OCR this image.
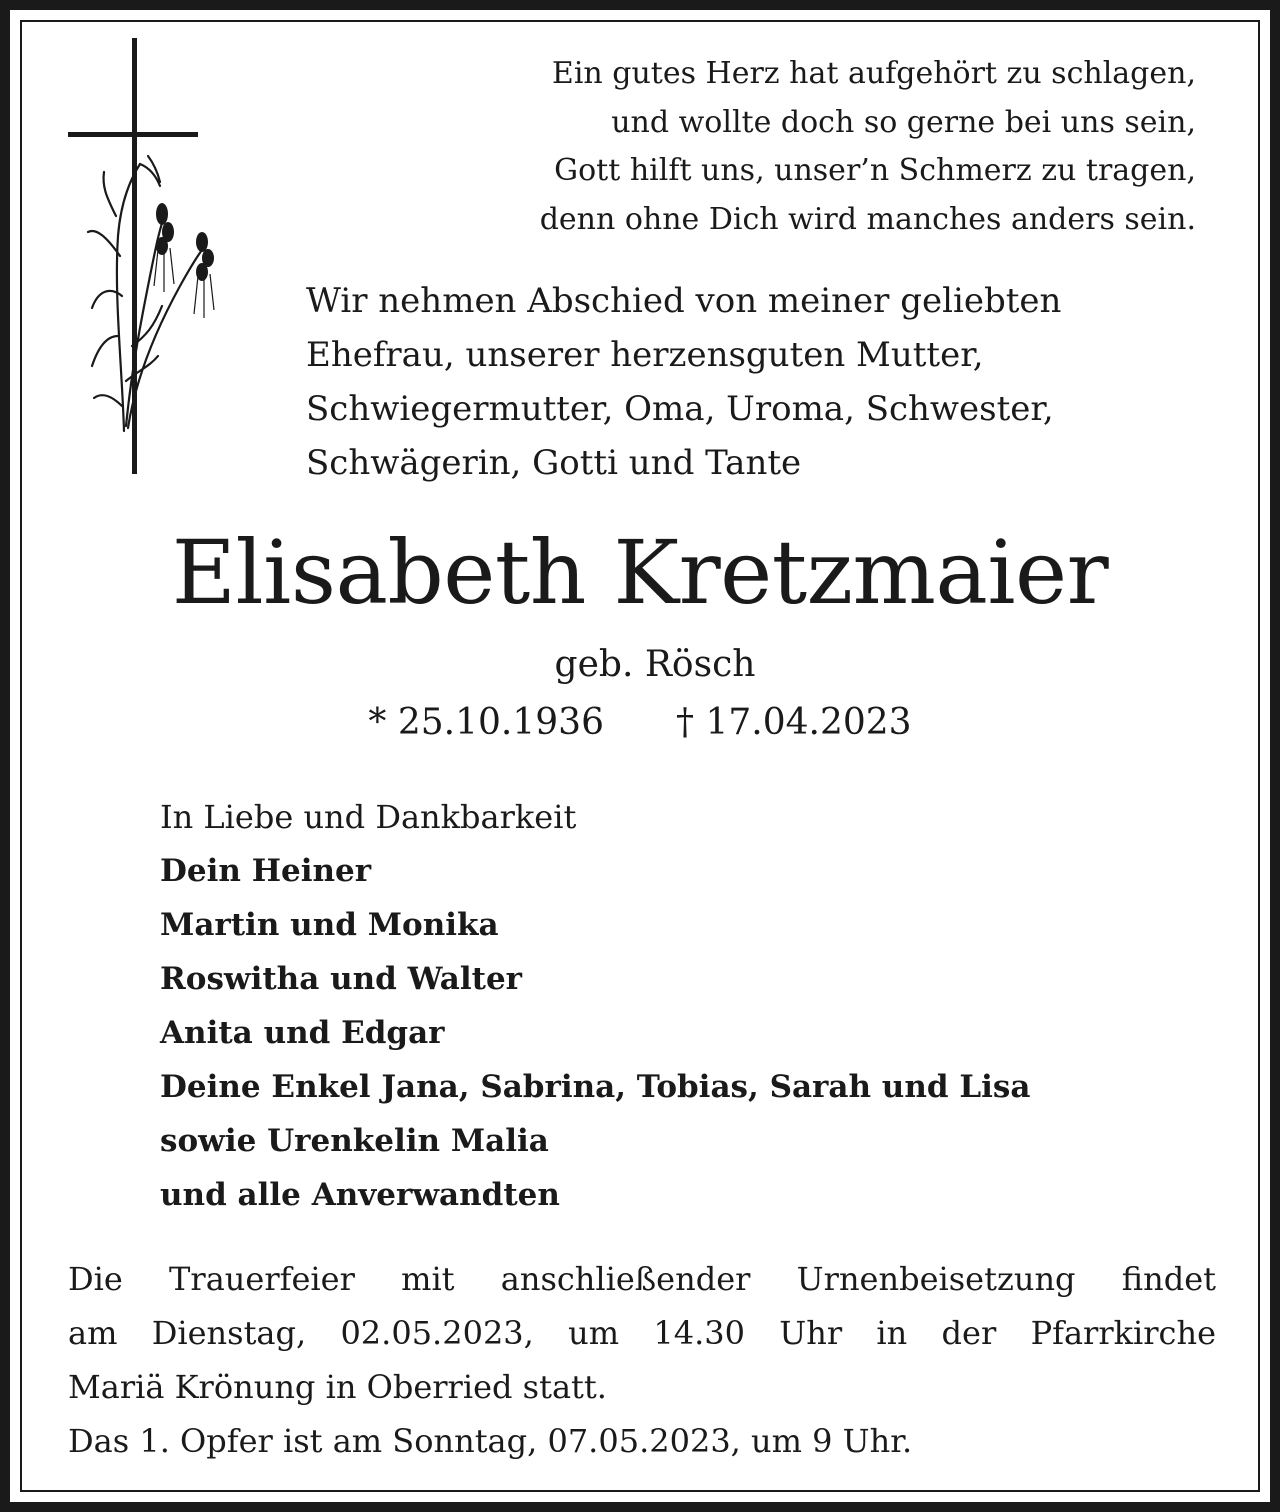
Ein gutes Herz hat aufgehört zu schlagen,
und wollte doch so gerne bei uns sein,
Gott hilft uns, unser’n Schmerz zu tragen,
denn ohne Dich wird manches anders sein.
Wir nehmen Abschied von meiner geliebten
Ehefrau, unserer herzensguten Mutter,
Schwiegermutter, Oma, Uroma, Schwester,
Schwägerin, Gotti und Tante
Elisabeth Kretzmaier
geb. Rösch
* 25.10.1936 † 17.04.2023
In Liebe und Dankbarkeit
Dein Heiner
Martin und Monika
Roswitha und Walter
Anita und Edgar
Deine Enkel Jana, Sabrina, Tobias, Sarah und Lisa
sowie Urenkelin Malia
und alle Anverwandten
Die Trauerfeier mit anschließender Urnenbeisetzung findet
am Dienstag, 02.05.2023, um 14.30 Uhr in der Pfarrkirche
Mariä Krönung in Oberried statt.
Das 1. Opfer ist am Sonntag, 07.05.2023, um 9 Uhr.
